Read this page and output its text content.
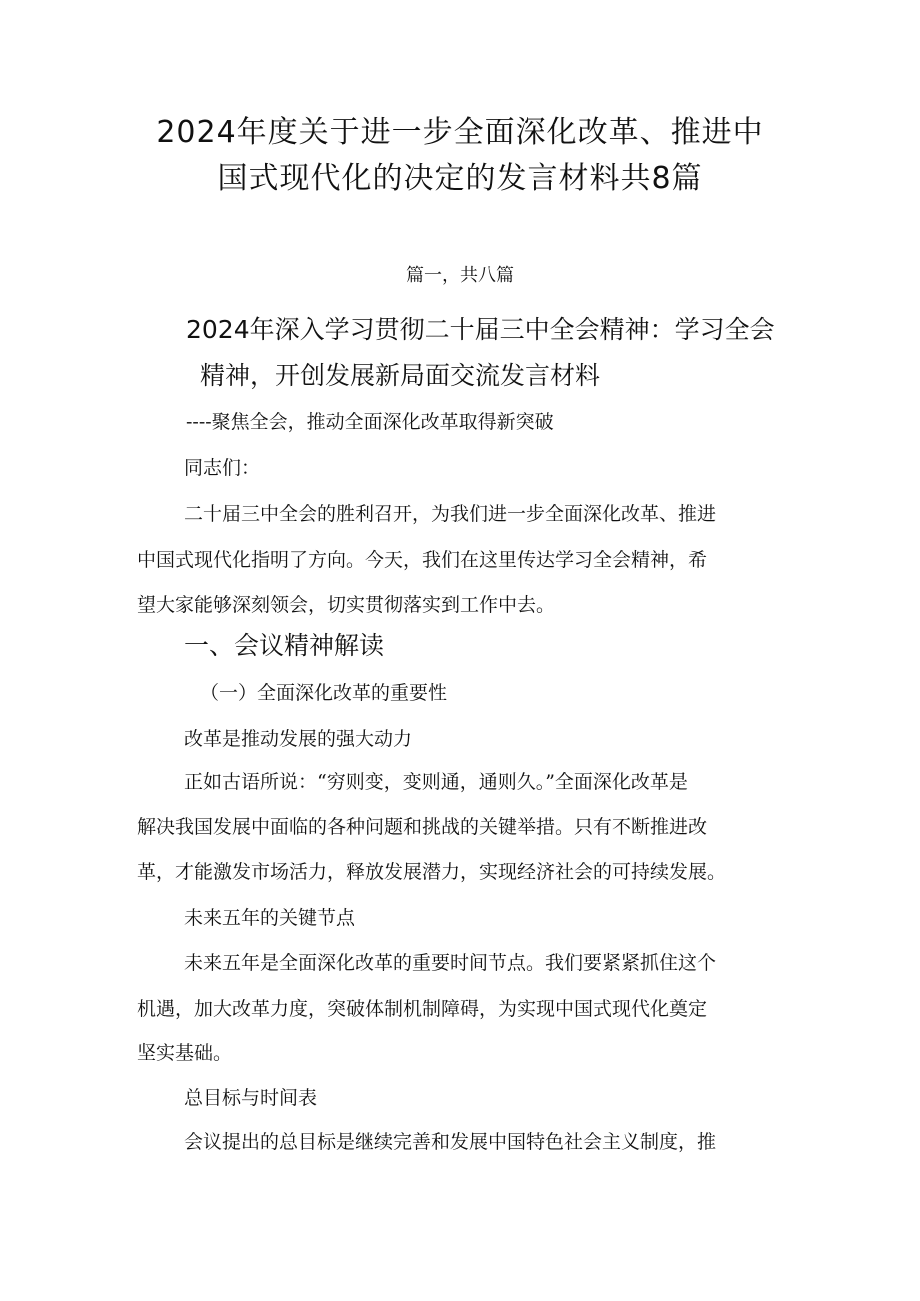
2024年度关于进一步全面深化改革、推进中
国式现代化的决定的发言材料共8篇
篇一，共八篇
2024年深入学习贯彻二十届三中全会精神：学习全会
精神，开创发展新局面交流发言材料

----聚焦全会，推动全面深化改革取得新突破

同志们：

二十届三中全会的胜利召开，为我们进一步全面深化改革、推进

中国式现代化指明了方向。今天，我们在这里传达学习全会精神，希

望大家能够深刻领会，切实贯彻落实到工作中去。

一、会议精神解读

（一）全面深化改革的重要性

改革是推动发展的强大动力

正如古语所说：“穷则变，变则通，通则久。”全面深化改革是

解决我国发展中面临的各种问题和挑战的关键举措。只有不断推进改

革，才能激发市场活力，释放发展潜力，实现经济社会的可持续发展。

未来五年的关键节点

未来五年是全面深化改革的重要时间节点。我们要紧紧抓住这个

机遇，加大改革力度，突破体制机制障碍，为实现中国式现代化奠定

坚实基础。

总目标与时间表

会议提出的总目标是继续完善和发展中国特色社会主义制度，推
